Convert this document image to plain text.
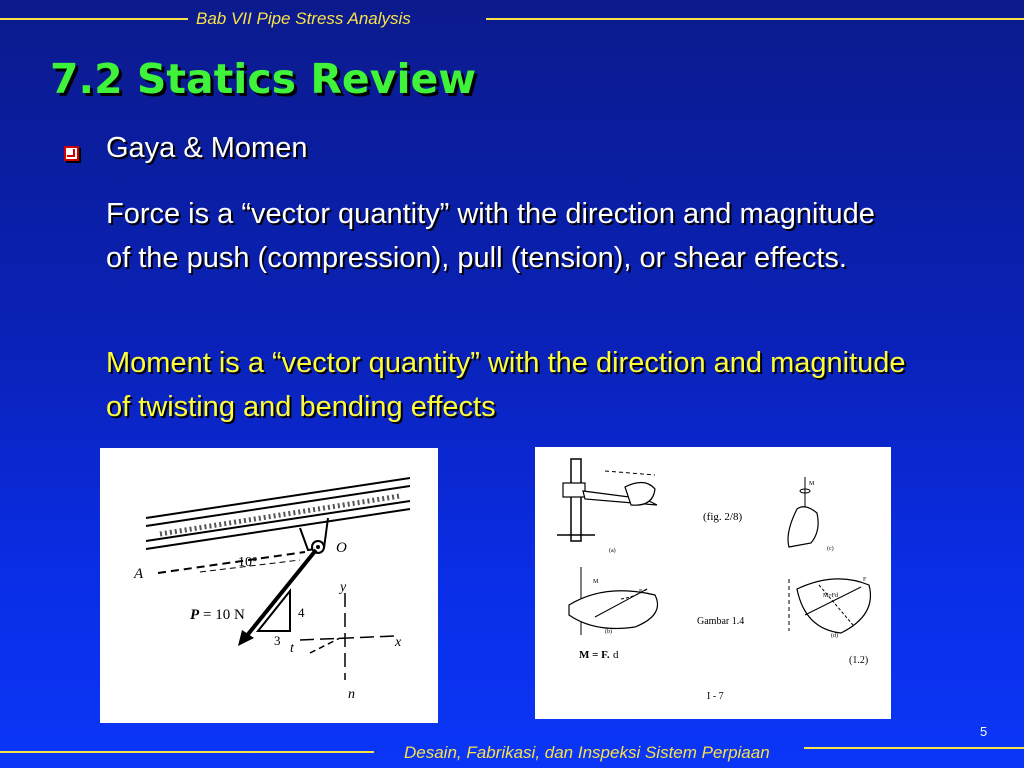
Bab VII Pipe Stress Analysis
7.2 Statics Review
Gaya & Momen
Force is a “vector quantity” with the direction and magnitude of the push (compression), pull (tension), or shear effects.
Moment is a “vector quantity” with the direction and magnitude of twisting and bending effects
O
A
10°
P = 10 N	4
3
y
x
t
n
(a)
(fig. 2/8)
M
(c)
M
F
(b)
Gambar 1.4
M = F. d
M=Fd
F
(d)
(1.2)
I - 7
5
Desain, Fabrikasi, dan Inspeksi Sistem Perpiaan
